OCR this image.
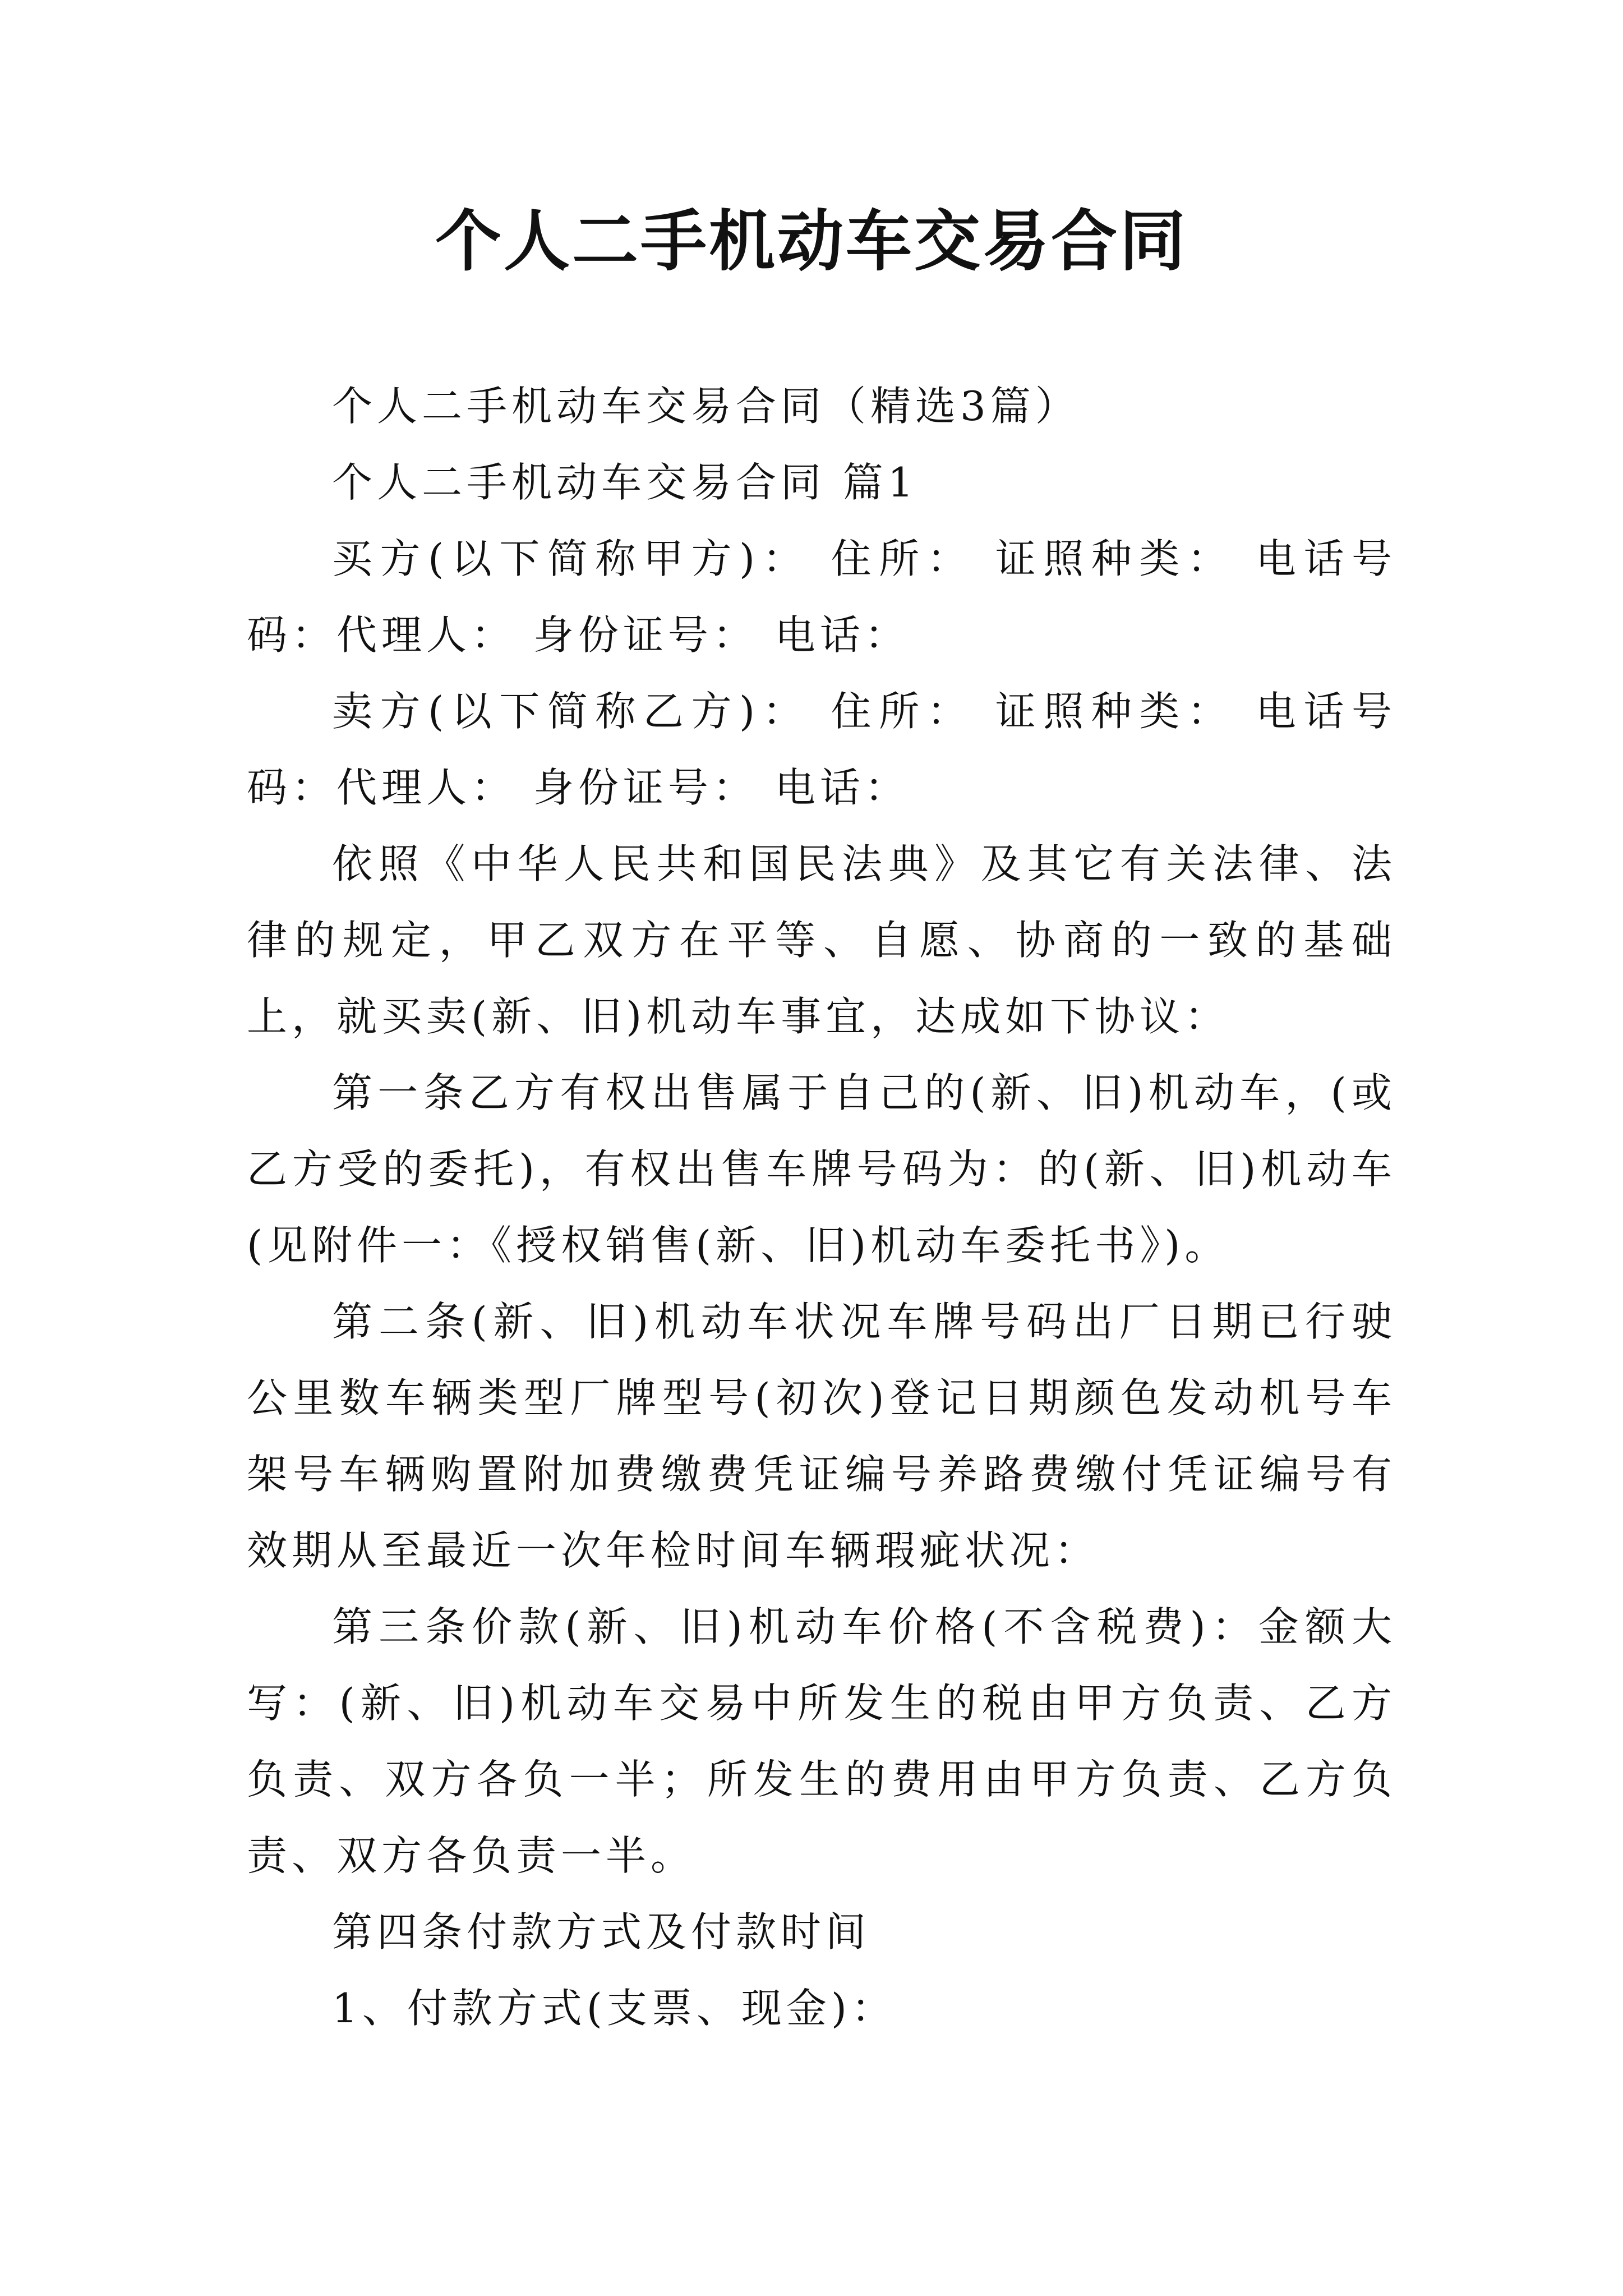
个人二手机动车交易合同

个人二手机动车交易合同（精选3篇）

个人二手机动车交易合同 篇1

买方(以下简称甲方)： 住所： 证照种类： 电话号码：代理人： 身份证号： 电话：

卖方(以下简称乙方)： 住所： 证照种类： 电话号码：代理人： 身份证号： 电话：

依照《中华人民共和国民法典》及其它有关法律、法律的规定，甲乙双方在平等、自愿、协商的一致的基础上，就买卖(新、旧)机动车事宜，达成如下协议：

第一条乙方有权出售属于自己的(新、旧)机动车，(或乙方受的委托)，有权出售车牌号码为：的(新、旧)机动车(见附件一：《授权销售(新、旧)机动车委托书》)。

第二条(新、旧)机动车状况车牌号码出厂日期已行驶公里数车辆类型厂牌型号(初次)登记日期颜色发动机号车架号车辆购置附加费缴费凭证编号养路费缴付凭证编号有效期从至最近一次年检时间车辆瑕疵状况：

第三条价款(新、旧)机动车价格(不含税费)：金额大写：(新、旧)机动车交易中所发生的税由甲方负责、乙方负责、双方各负一半；所发生的费用由甲方负责、乙方负责、双方各负责一半。

第四条付款方式及付款时间

1、付款方式(支票、现金)：
